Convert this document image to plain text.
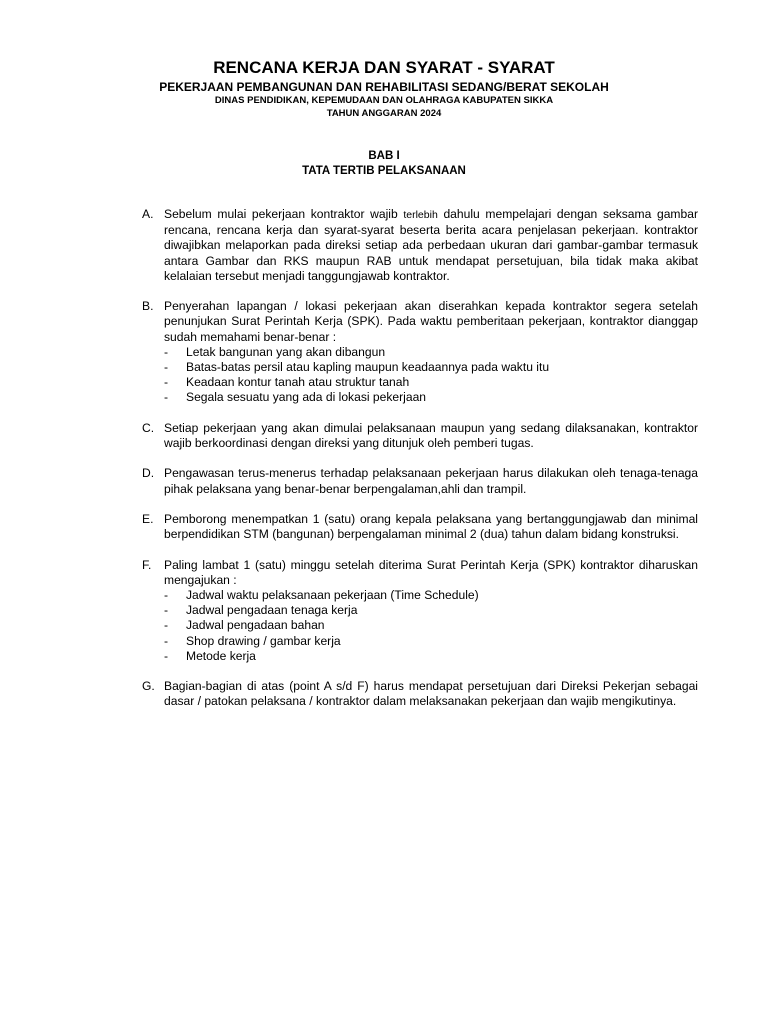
RENCANA KERJA DAN SYARAT - SYARAT
PEKERJAAN PEMBANGUNAN DAN REHABILITASI SEDANG/BERAT SEKOLAH
DINAS PENDIDIKAN, KEPEMUDAAN DAN OLAHRAGA KABUPATEN SIKKA
TAHUN ANGGARAN 2024
BAB I
TATA TERTIB PELAKSANAAN
A. Sebelum mulai pekerjaan kontraktor wajib terlebih dahulu mempelajari dengan seksama gambar rencana, rencana kerja dan syarat-syarat beserta berita acara penjelasan pekerjaan. kontraktor diwajibkan melaporkan pada direksi setiap ada perbedaan ukuran dari gambar-gambar termasuk antara Gambar dan RKS maupun RAB untuk mendapat persetujuan, bila tidak maka akibat kelalaian tersebut menjadi tanggungjawab kontraktor.
B. Penyerahan lapangan / lokasi pekerjaan akan diserahkan kepada kontraktor segera setelah penunjukan Surat Perintah Kerja (SPK). Pada waktu pemberitaan pekerjaan, kontraktor dianggap sudah memahami benar-benar :
-	Letak bangunan yang akan dibangun
-	Batas-batas persil atau kapling maupun keadaannya pada waktu itu
-	Keadaan kontur tanah atau struktur tanah
-	Segala sesuatu yang ada di lokasi pekerjaan
C. Setiap pekerjaan yang akan dimulai pelaksanaan maupun yang sedang dilaksanakan, kontraktor wajib berkoordinasi dengan direksi yang ditunjuk oleh pemberi tugas.
D. Pengawasan terus-menerus terhadap pelaksanaan pekerjaan harus dilakukan oleh tenaga-tenaga pihak pelaksana yang benar-benar berpengalaman,ahli dan trampil.
E. Pemborong menempatkan 1 (satu) orang kepala pelaksana yang bertanggungjawab dan minimal berpendidikan STM (bangunan) berpengalaman minimal 2 (dua) tahun dalam bidang konstruksi.
F.	Paling lambat 1 (satu) minggu setelah diterima Surat Perintah Kerja (SPK) kontraktor diharuskan mengajukan :
-	Jadwal waktu pelaksanaan pekerjaan (Time Schedule)
-	Jadwal pengadaan tenaga kerja
-	Jadwal pengadaan bahan
-	Shop drawing / gambar kerja
-	Metode kerja
G. Bagian-bagian di atas (point A s/d F) harus mendapat persetujuan dari Direksi Pekerjan sebagai dasar / patokan pelaksana / kontraktor dalam melaksanakan pekerjaan dan wajib mengikutinya.
